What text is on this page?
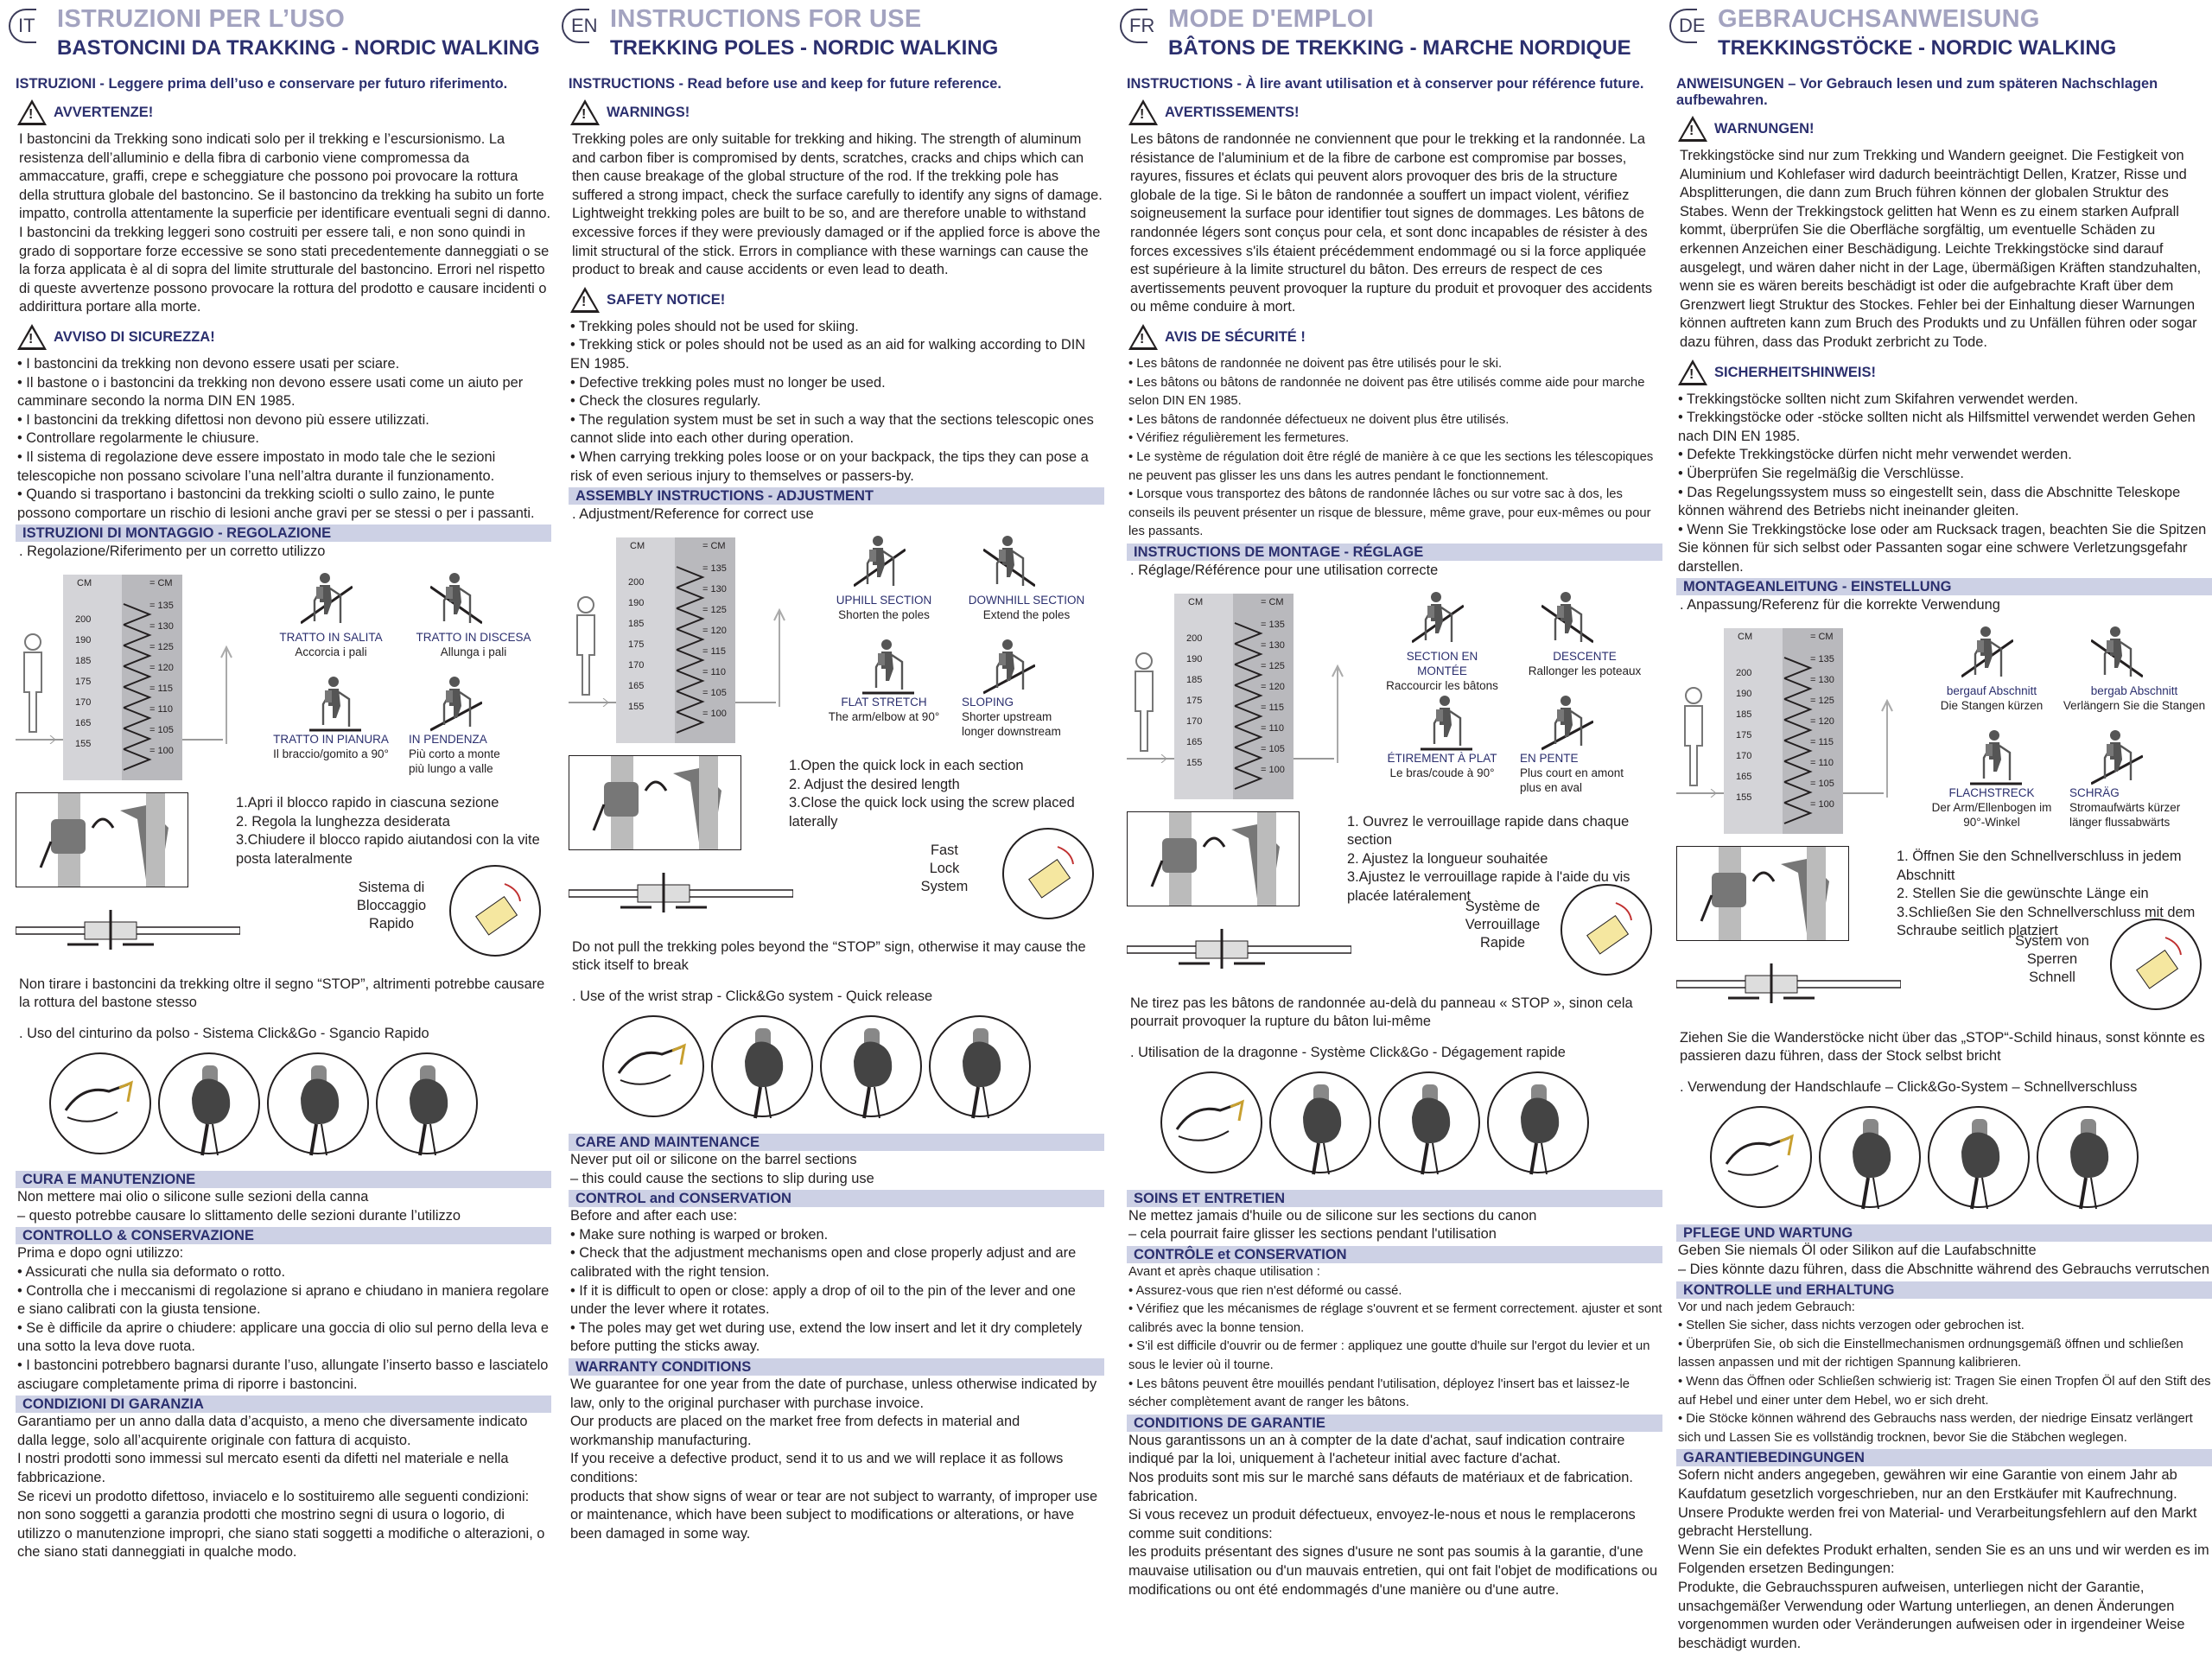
IT ISTRUZIONI PER L’USO
BASTONCINI DA TRAKKING - NORDIC WALKING
ISTRUZIONI - Leggere prima dell’uso e conservare per futuro riferimento.
! AVVERTENZE!

I bastoncini da Trekking sono indicati solo per il trekking e l’escursionismo. La resistenza dell’alluminio e della fibra di carbonio viene compromessa da ammaccature, graffi, crepe e scheggiature che possono poi provocare la rottura della struttura globale del bastoncino. Se il bastoncino da trekking ha subito un forte impatto, controlla attentamente la superficie per identificare eventuali segni di danno. I bastoncini da trekking leggeri sono costruiti per essere tali, e non sono quindi in grado di sopportare forze eccessive se sono stati precedentemente danneggiati o se la forza applicata è al di sopra del limite strutturale del bastoncino. Errori nel rispetto di queste avvertenze possono provocare la rottura del prodotto e causare incidenti o addirittura portare alla morte.

! AVVISO DI SICUREZZA!

• I bastoncini da trekking non devono essere usati per sciare.

• Il bastone o i bastoncini da trekking non devono essere usati come un aiuto per camminare secondo la norma DIN EN 1985.

• I bastoncini da trekking difettosi non devono più essere utilizzati.

• Controllare regolarmente le chiusure.

• Il sistema di regolazione deve essere impostato in modo tale che le sezioni telescopiche non possano scivolare l’una nell’altra durante il funzionamento.

• Quando si trasportano i bastoncini da trekking sciolti o sullo zaino, le punte possono comportare un rischio di lesioni anche gravi per se stessi o per i passanti.

ISTRUZIONI DI MONTAGGIO - REGOLAZIONE
. Regolazione/Riferimento per un corretto utilizzo
CM	= CM
200
190
185
175
170
165
155
= 135
= 130
= 125
= 120
= 115
= 110
= 105
= 100
TRATTO IN SALITA
Accorcia i pali
TRATTO IN DISCESA
Allunga i pali
TRATTO IN PIANURA
Il braccio/gomito a 90°
IN PENDENZA
Più corto a monte
più lungo a valle
1.Apri il blocco rapido in ciascuna sezione
2. Regola la lunghezza desiderata
3.Chiudere il blocco rapido aiutandosi con la vite posta lateralmente
Sistema di
Bloccaggio
Rapido
Non tirare i bastoncini da trekking oltre il segno “STOP”, altrimenti potrebbe causare la rottura del bastone stesso
. Uso del cinturino da polso - Sistema Click&Go - Sgancio Rapido
CURA E MANUTENZIONE

Non mettere mai olio o silicone sulle sezioni della canna

– questo potrebbe causare lo slittamento delle sezioni durante l’utilizzo

CONTROLLO & CONSERVAZIONE

Prima e dopo ogni utilizzo:

• Assicurati che nulla sia deformato o rotto.

• Controlla che i meccanismi di regolazione si aprano e chiudano in maniera regolare e siano calibrati con la giusta tensione.

• Se è difficile da aprire o chiudere: applicare una goccia di olio sul perno della leva e una sotto la leva dove ruota.

• I bastoncini potrebbero bagnarsi durante l’uso, allungate l’inserto basso e lasciatelo asciugare completamente prima di riporre i bastoncini.

CONDIZIONI DI GARANZIA

Garantiamo per un anno dalla data d’acquisto, a meno che diversamente indicato dalla legge, solo all’acquirente originale con fattura di acquisto.

I nostri prodotti sono immessi sul mercato esenti da difetti nel materiale e nella fabbricazione.

Se ricevi un prodotto difettoso, inviacelo e lo sostituiremo alle seguenti condizioni:

non sono soggetti a garanzia prodotti che mostrino segni di usura o logorio, di utilizzo o manutenzione impropri, che siano stati soggetti a modifiche o alterazioni, o che siano stati danneggiati in qualche modo.

EN INSTRUCTIONS FOR USE
TREKKING POLES - NORDIC WALKING
INSTRUCTIONS - Read before use and keep for future reference.
! WARNINGS!

Trekking poles are only suitable for trekking and hiking. The strength of aluminum and carbon fiber is compromised by dents, scratches, cracks and chips which can then cause breakage of the global structure of the rod. If the trekking pole has suffered a strong impact, check the surface carefully to identify any signs of damage. Lightweight trekking poles are built to be so, and are therefore unable to withstand excessive forces if they were previously damaged or if the applied force is above the limit structural of the stick. Errors in compliance with these warnings can cause the product to break and cause accidents or even lead to death.

! SAFETY NOTICE!

• Trekking poles should not be used for skiing.

• Trekking stick or poles should not be used as an aid for walking according to DIN EN 1985.

• Defective trekking poles must no longer be used.

• Check the closures regularly.

• The regulation system must be set in such a way that the sections telescopic ones cannot slide into each other during operation.

• When carrying trekking poles loose or on your backpack, the tips they can pose a risk of even serious injury to themselves or passers-by.

ASSEMBLY INSTRUCTIONS - ADJUSTMENT
. Adjustment/Reference for correct use
CM	= CM
200
190
185
175
170
165
155
= 135
= 130
= 125
= 120
= 115
= 110
= 105
= 100
UPHILL SECTION
Shorten the poles
DOWNHILL SECTION
Extend the poles
FLAT STRETCH
The arm/elbow at 90°
SLOPING
Shorter upstream
longer downstream
1.Open the quick lock in each section
2. Adjust the desired length
3.Close the quick lock using the screw placed laterally
Fast
Lock
System
Do not pull the trekking poles beyond the “STOP” sign, otherwise it may cause the stick itself to break
. Use of the wrist strap - Click&Go system - Quick release
CARE AND MAINTENANCE

Never put oil or silicone on the barrel sections

– this could cause the sections to slip during use

CONTROL and CONSERVATION

Before and after each use:

• Make sure nothing is warped or broken.

• Check that the adjustment mechanisms open and close properly adjust and are calibrated with the right tension.

• If it is difficult to open or close: apply a drop of oil to the pin of the lever and one under the lever where it rotates.

• The poles may get wet during use, extend the low insert and let it dry completely before putting the sticks away.

WARRANTY CONDITIONS

We guarantee for one year from the date of purchase, unless otherwise indicated by law, only to the original purchaser with purchase invoice.

Our products are placed on the market free from defects in material and workmanship manufacturing.

If you receive a defective product, send it to us and we will replace it as follows conditions:

products that show signs of wear or tear are not subject to warranty, of improper use or maintenance, which have been subject to modifications or alterations, or have been damaged in some way.

FR MODE D'EMPLOI
BÂTONS DE TREKKING - MARCHE NORDIQUE
INSTRUCTIONS - À lire avant utilisation et à conserver pour référence future.
! AVERTISSEMENTS!

Les bâtons de randonnée ne conviennent que pour le trekking et la randonnée. La résistance de l'aluminium et de la fibre de carbone est compromise par bosses, rayures, fissures et éclats qui peuvent alors provoquer des bris de la structure globale de la tige. Si le bâton de randonnée a souffert un impact violent, vérifiez soigneusement la surface pour identifier tout signes de dommages. Les bâtons de randonnée légers sont conçus pour cela, et sont donc incapables de résister à des forces excessives s'ils étaient précédemment endommagé ou si la force appliquée est supérieure à la limite structurel du bâton. Des erreurs de respect de ces avertissements peuvent provoquer la rupture du produit et provoquer des accidents ou même conduire à mort.

! AVIS DE SÉCURITÉ !

• Les bâtons de randonnée ne doivent pas être utilisés pour le ski.

• Les bâtons ou bâtons de randonnée ne doivent pas être utilisés comme aide pour marche selon DIN EN 1985.

• Les bâtons de randonnée défectueux ne doivent plus être utilisés.

• Vérifiez régulièrement les fermetures.

• Le système de régulation doit être réglé de manière à ce que les sections les télescopiques ne peuvent pas glisser les uns dans les autres pendant le fonctionnement.

• Lorsque vous transportez des bâtons de randonnée lâches ou sur votre sac à dos, les conseils ils peuvent présenter un risque de blessure, même grave, pour eux-mêmes ou pour les passants.

INSTRUCTIONS DE MONTAGE - RÉGLAGE
. Réglage/Référence pour une utilisation correcte
CM	= CM
200
190
185
175
170
165
155
= 135
= 130
= 125
= 120
= 115
= 110
= 105
= 100
SECTION EN MONTÉE
Raccourcir les bâtons
DESCENTE
Rallonger les poteaux
ÉTIREMENT À PLAT
Le bras/coude à 90°
EN PENTE
Plus court en amont
plus en aval
1. Ouvrez le verrouillage rapide dans chaque section
2. Ajustez la longueur souhaitée
3.Ajustez le verrouillage rapide à l'aide du vis placée latéralement
Système de
Verrouillage
Rapide
Ne tirez pas les bâtons de randonnée au-delà du panneau « STOP », sinon cela pourrait provoquer la rupture du bâton lui-même
. Utilisation de la dragonne - Système Click&Go - Dégagement rapide
SOINS ET ENTRETIEN

Ne mettez jamais d'huile ou de silicone sur les sections du canon

– cela pourrait faire glisser les sections pendant l'utilisation

CONTRÔLE et CONSERVATION

Avant et après chaque utilisation :

• Assurez-vous que rien n'est déformé ou cassé.

• Vérifiez que les mécanismes de réglage s'ouvrent et se ferment correctement. ajuster et sont calibrés avec la bonne tension.

• S'il est difficile d'ouvrir ou de fermer : appliquez une goutte d'huile sur l'ergot du levier et un sous le levier où il tourne.

• Les bâtons peuvent être mouillés pendant l'utilisation, déployez l'insert bas et laissez-le sécher complètement avant de ranger les bâtons.

CONDITIONS DE GARANTIE

Nous garantissons un an à compter de la date d'achat, sauf indication contraire indiqué par la loi, uniquement à l'acheteur initial avec facture d'achat.

Nos produits sont mis sur le marché sans défauts de matériaux et de fabrication. fabrication.

Si vous recevez un produit défectueux, envoyez-le-nous et nous le remplacerons comme suit conditions:

les produits présentant des signes d'usure ne sont pas soumis à la garantie, d'une mauvaise utilisation ou d'un mauvais entretien, qui ont fait l'objet de modifications ou modifications ou ont été endommagés d'une manière ou d'une autre.

DE GEBRAUCHSANWEISUNG
TREKKINGSTÖCKE - NORDIC WALKING
ANWEISUNGEN – Vor Gebrauch lesen und zum späteren Nachschlagen aufbewahren.
! WARNUNGEN!

Trekkingstöcke sind nur zum Trekking und Wandern geeignet. Die Festigkeit von Aluminium und Kohlefaser wird dadurch beeinträchtigt Dellen, Kratzer, Risse und Absplitterungen, die dann zum Bruch führen können der globalen Struktur des Stabes. Wenn der Trekkingstock gelitten hat Wenn es zu einem starken Aufprall kommt, überprüfen Sie die Oberfläche sorgfältig, um eventuelle Schäden zu erkennen Anzeichen einer Beschädigung. Leichte Trekkingstöcke sind darauf ausgelegt, und wären daher nicht in der Lage, übermäßigen Kräften standzuhalten, wenn sie es wären bereits beschädigt ist oder die aufgebrachte Kraft über dem Grenzwert liegt Struktur des Stockes. Fehler bei der Einhaltung dieser Warnungen können auftreten kann zum Bruch des Produkts und zu Unfällen führen oder sogar dazu führen, dass das Produkt zerbricht zu Tode.

! SICHERHEITSHINWEIS!

• Trekkingstöcke sollten nicht zum Skifahren verwendet werden.

• Trekkingstöcke oder -stöcke sollten nicht als Hilfsmittel verwendet werden Gehen nach DIN EN 1985.

• Defekte Trekkingstöcke dürfen nicht mehr verwendet werden.

• Überprüfen Sie regelmäßig die Verschlüsse.

• Das Regelungssystem muss so eingestellt sein, dass die Abschnitte Teleskope können während des Betriebs nicht ineinander gleiten.

• Wenn Sie Trekkingstöcke lose oder am Rucksack tragen, beachten Sie die Spitzen Sie können für sich selbst oder Passanten sogar eine schwere Verletzungsgefahr darstellen.

MONTAGEANLEITUNG - EINSTELLUNG
. Anpassung/Referenz für die korrekte Verwendung
CM	= CM
200
190
185
175
170
165
155
= 135
= 130
= 125
= 120
= 115
= 110
= 105
= 100
bergauf Abschnitt
Die Stangen kürzen
bergab Abschnitt
Verlängern Sie die Stangen
FLACHSTRECK
Der Arm/Ellenbogen im
90°-Winkel
SCHRÄG
Stromaufwärts kürzer
länger flussabwärts
1. Öffnen Sie den Schnellverschluss in jedem Abschnitt
2. Stellen Sie die gewünschte Länge ein
3.Schließen Sie den Schnellverschluss mit dem Schraube seitlich platziert
System von
Sperren
Schnell
Ziehen Sie die Wanderstöcke nicht über das „STOP“-Schild hinaus, sonst könnte es passieren dazu führen, dass der Stock selbst bricht
. Verwendung der Handschlaufe – Click&Go-System – Schnellverschluss
PFLEGE UND WARTUNG

Geben Sie niemals Öl oder Silikon auf die Laufabschnitte

– Dies könnte dazu führen, dass die Abschnitte während des Gebrauchs verrutschen

KONTROLLE und ERHALTUNG

Vor und nach jedem Gebrauch:

• Stellen Sie sicher, dass nichts verzogen oder gebrochen ist.

• Überprüfen Sie, ob sich die Einstellmechanismen ordnungsgemäß öffnen und schließen lassen anpassen und mit der richtigen Spannung kalibrieren.

• Wenn das Öffnen oder Schließen schwierig ist: Tragen Sie einen Tropfen Öl auf den Stift des auf Hebel und einer unter dem Hebel, wo er sich dreht.

• Die Stöcke können während des Gebrauchs nass werden, der niedrige Einsatz verlängert sich und Lassen Sie es vollständig trocknen, bevor Sie die Stäbchen weglegen.

GARANTIEBEDINGUNGEN

Sofern nicht anders angegeben, gewähren wir eine Garantie von einem Jahr ab Kaufdatum gesetzlich vorgeschrieben, nur an den Erstkäufer mit Kaufrechnung.

Unsere Produkte werden frei von Material- und Verarbeitungsfehlern auf den Markt gebracht Herstellung.

Wenn Sie ein defektes Produkt erhalten, senden Sie es an uns und wir werden es im Folgenden ersetzen Bedingungen:

Produkte, die Gebrauchsspuren aufweisen, unterliegen nicht der Garantie, unsachgemäßer Verwendung oder Wartung unterliegen, an denen Änderungen vorgenommen wurden oder Veränderungen aufweisen oder in irgendeiner Weise beschädigt wurden.
